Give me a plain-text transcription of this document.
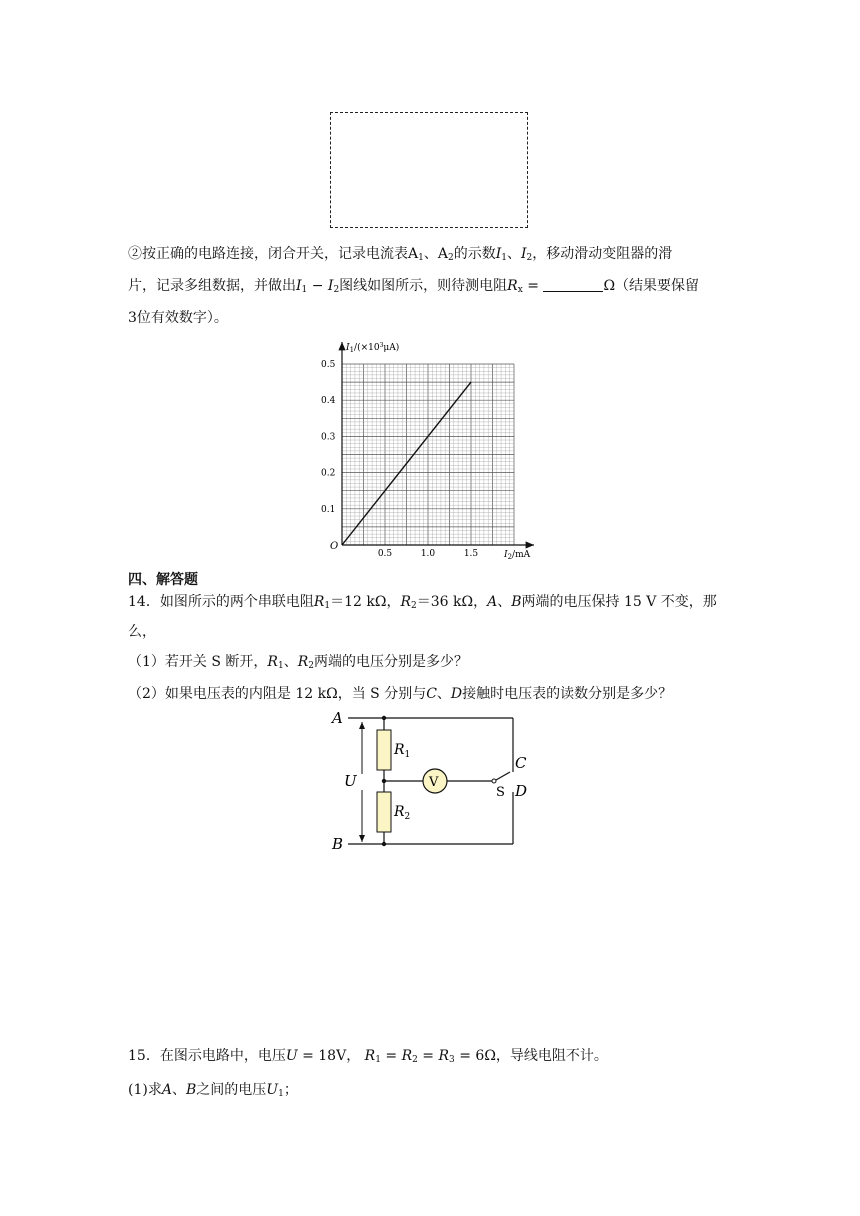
②按正确的电路连接，闭合开关，记录电流表$A_1$、$A_2$的示数$I_1$、$I_2$，移动滑动变阻器的滑
片，记录多组数据，并做出$I_1 - I_2$图线如图所示，则待测电阻$R_x$ =	Ω（结果要保留
3位有效数字）。
0.1
0.2
0.3
0.4
0.5
0.5	1.0	1.5
O
$I_1/(\times 10^3\mu A)$
$I_2/mA$
四、解答题
14．如图所示的两个串联电阻$R_1=12$ kΩ，$R_2=36$ kΩ，A、B两端的电压保持 15 V 不变，那
么，
（1）若开关 S 断开，$R_1$、$R_2$两端的电压分别是多少？
（2）如果电压表的内阻是 12 kΩ，当 S 分别与C、D接触时电压表的读数分别是多少？
A
B
U
$R_1$
$R_2$
V
C
D
S
15．在图示电路中，电压U = 18V， $R_1 = R_2 = R_3 = 6\Omega$，导线电阻不计。
(1)求A、B之间的电压$U_1$；
